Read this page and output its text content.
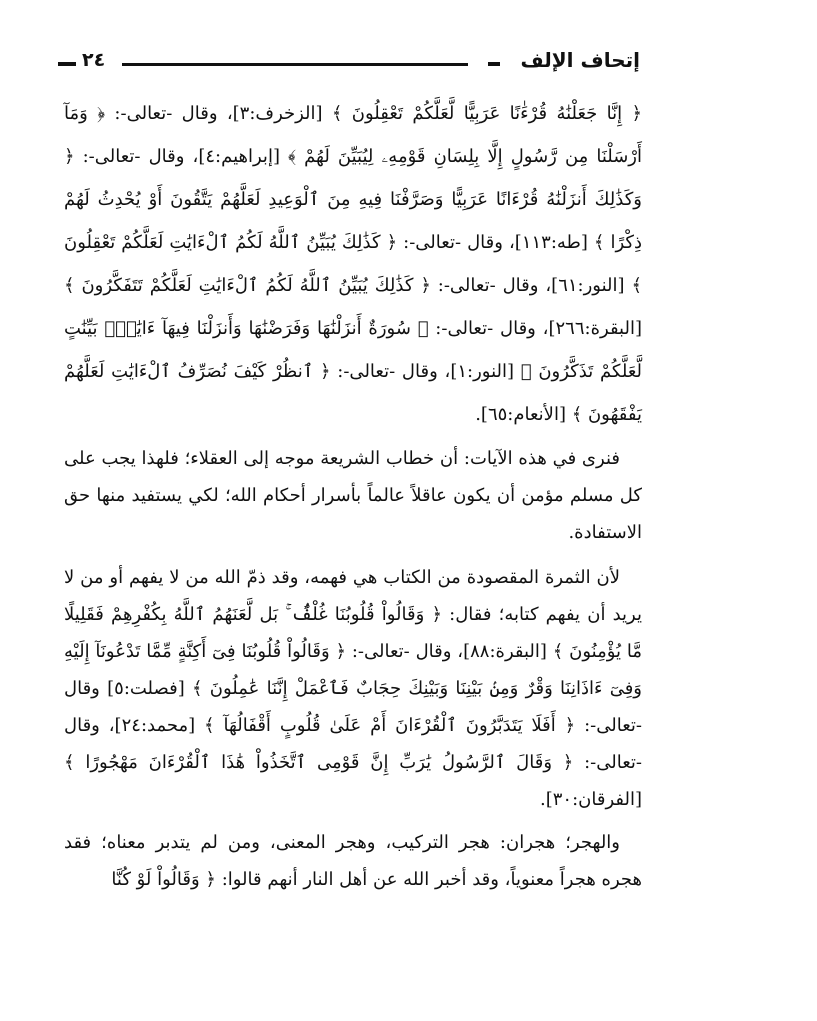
٢٤	إتحاف الإلف

﴿ إِنَّا جَعَلْنَٰهُ قُرْءَٰنًا عَرَبِيًّا لَّعَلَّكُمْ تَعْقِلُونَ ﴾ [الزخرف:٣]، وقال -تعالى-: ﴿ وَمَآ أَرْسَلْنَا مِن رَّسُولٍ إِلَّا بِلِسَانِ قَوْمِهِۦ لِيُبَيِّنَ لَهُمْ ﴾ [إبراهيم:٤]، وقال -تعالى-: ﴿ وَكَذَٰلِكَ أَنزَلْنَٰهُ قُرْءَانًا عَرَبِيًّا وَصَرَّفْنَا فِيهِ مِنَ ٱلْوَعِيدِ لَعَلَّهُمْ يَتَّقُونَ أَوْ يُحْدِثُ لَهُمْ ذِكْرًا ﴾ [طه:١١٣]، وقال -تعالى-: ﴿ كَذَٰلِكَ يُبَيِّنُ ٱللَّهُ لَكُمُ ٱلْءَايَٰتِ لَعَلَّكُمْ تَعْقِلُونَ ﴾ [النور:٦١]، وقال -تعالى-: ﴿ كَذَٰلِكَ يُبَيِّنُ ٱللَّهُ لَكُمُ ٱلْءَايَٰتِ لَعَلَّكُمْ تَتَفَكَّرُونَ ﴾ [البقرة:٢٦٦]، وقال -تعالى-: ﴿ سُورَةٌ أَنزَلْنَٰهَا وَفَرَضْنَٰهَا وَأَنزَلْنَا فِيهَآ ءَايَٰتٍۭ بَيِّنَٰتٍ لَّعَلَّكُمْ تَذَكَّرُونَ ﴾ [النور:١]، وقال -تعالى-: ﴿ ٱنظُرْ كَيْفَ نُصَرِّفُ ٱلْءَايَٰتِ لَعَلَّهُمْ يَفْقَهُونَ ﴾ [الأنعام:٦٥].

فنرى في هذه الآيات: أن خطاب الشريعة موجه إلى العقلاء؛ فلهذا يجب على كل مسلم مؤمن أن يكون عاقلاً عالماً بأسرار أحكام الله؛ لكي يستفيد منها حق الاستفادة.

لأن الثمرة المقصودة من الكتاب هي فهمه، وقد ذمّ الله من لا يفهم أو من لا يريد أن يفهم كتابه؛ فقال: ﴿ وَقَالُواْ قُلُوبُنَا غُلْفٌۢ ۚ بَل لَّعَنَهُمُ ٱللَّهُ بِكُفْرِهِمْ فَقَلِيلًا مَّا يُؤْمِنُونَ ﴾ [البقرة:٨٨]، وقال -تعالى-: ﴿ وَقَالُواْ قُلُوبُنَا فِىٓ أَكِنَّةٍ مِّمَّا تَدْعُونَآ إِلَيْهِ وَفِىٓ ءَاذَانِنَا وَقْرٌ وَمِنۢ بَيْنِنَا وَبَيْنِكَ حِجَابٌ فَٱعْمَلْ إِنَّنَا عَٰمِلُونَ ﴾ [فصلت:٥] وقال -تعالى-: ﴿ أَفَلَا يَتَدَبَّرُونَ ٱلْقُرْءَانَ أَمْ عَلَىٰ قُلُوبٍ أَقْفَالُهَآ ﴾ [محمد:٢٤]، وقال -تعالى-: ﴿ وَقَالَ ٱلرَّسُولُ يَٰرَبِّ إِنَّ قَوْمِى ٱتَّخَذُواْ هَٰذَا ٱلْقُرْءَانَ مَهْجُورًا ﴾ [الفرقان:٣٠].

والهجر؛ هجران: هجر التركيب، وهجر المعنى، ومن لم يتدبر معناه؛ فقد هجره هجراً معنوياً، وقد أخبر الله عن أهل النار أنهم قالوا: ﴿ وَقَالُواْ لَوْ كُنَّا
